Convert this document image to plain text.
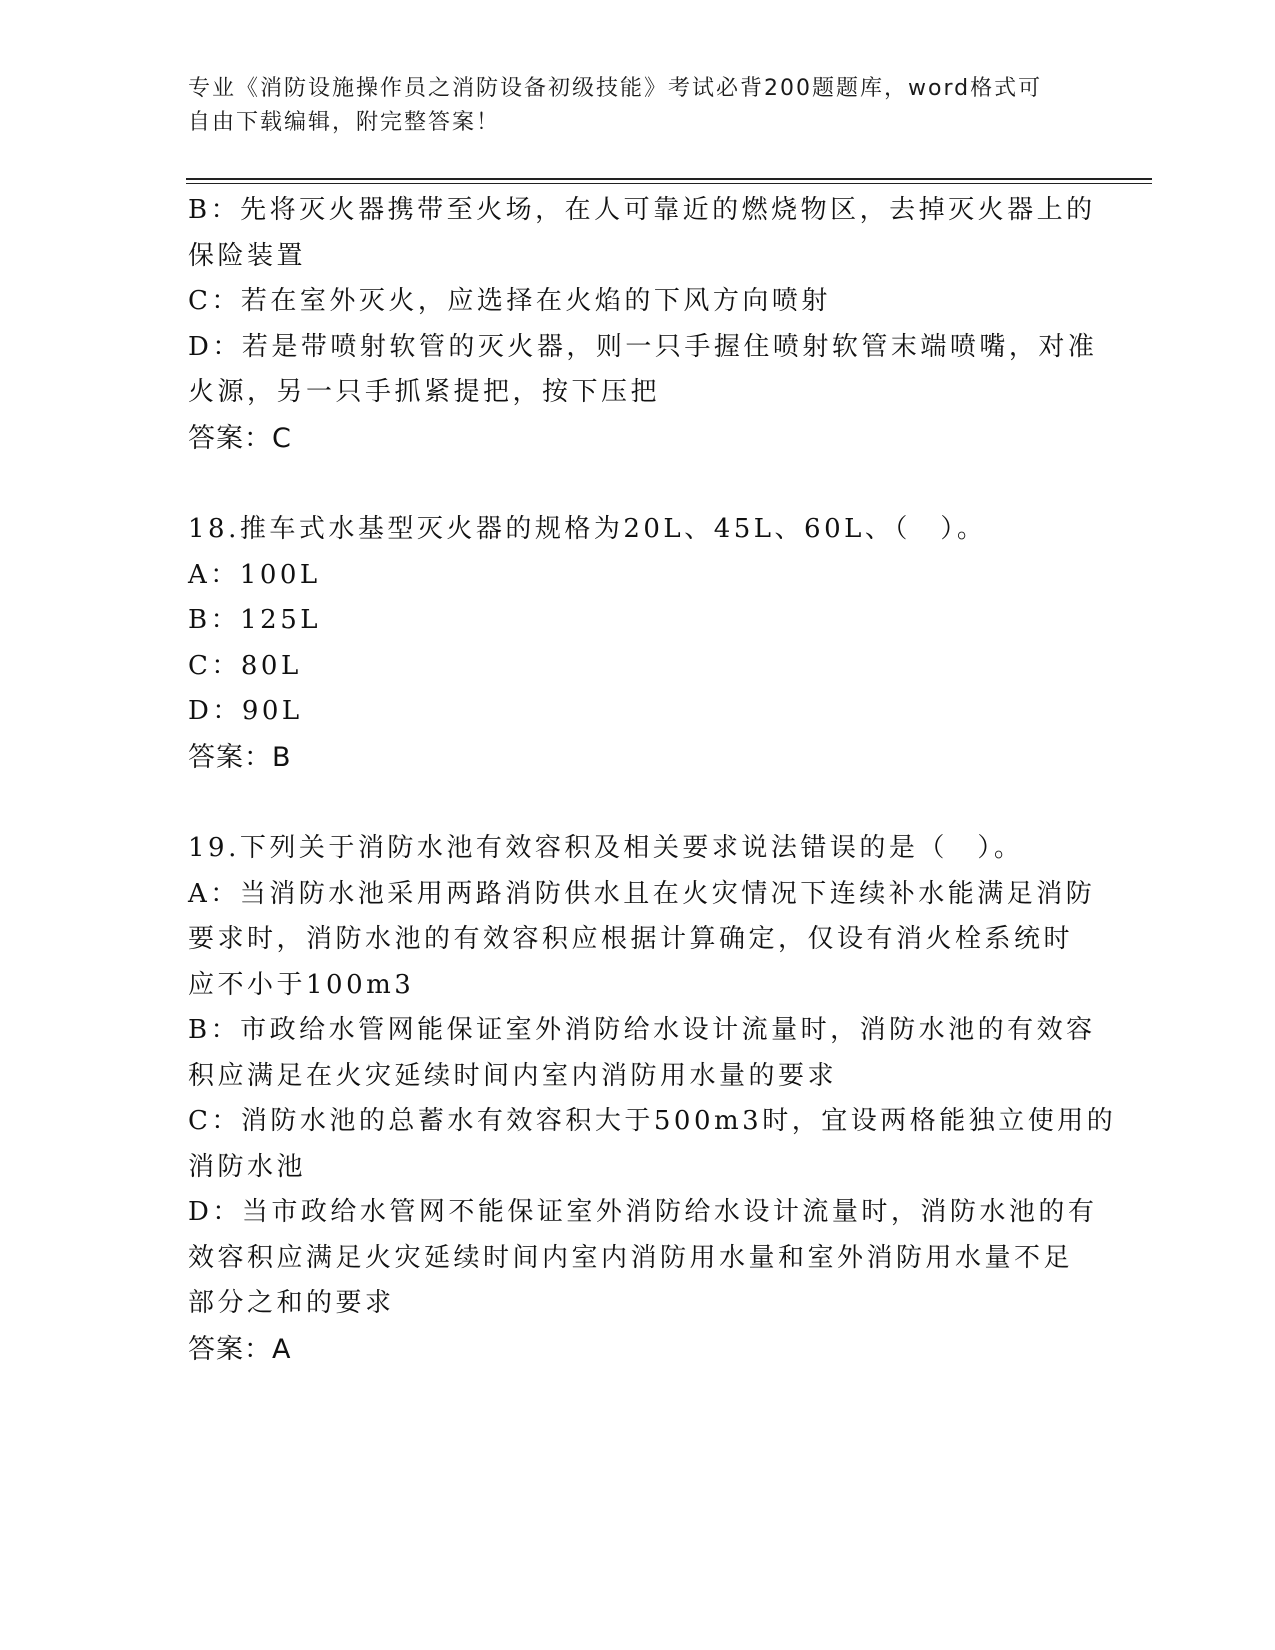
专业《消防设施操作员之消防设备初级技能》考试必背200题题库，word格式可
自由下载编辑，附完整答案！
B：先将灭火器携带至火场，在人可靠近的燃烧物区，去掉灭火器上的
保险装置
C：若在室外灭火，应选择在火焰的下风方向喷射
D：若是带喷射软管的灭火器，则一只手握住喷射软管末端喷嘴，对准
火源，另一只手抓紧提把，按下压把
答案：C
18.推车式水基型灭火器的规格为20L、45L、60L、（　）。
A：100L
B：125L
C：80L
D：90L
答案：B
19.下列关于消防水池有效容积及相关要求说法错误的是（　）。
A：当消防水池采用两路消防供水且在火灾情况下连续补水能满足消防
要求时，消防水池的有效容积应根据计算确定，仅设有消火栓系统时
应不小于100m3
B：市政给水管网能保证室外消防给水设计流量时，消防水池的有效容
积应满足在火灾延续时间内室内消防用水量的要求
C：消防水池的总蓄水有效容积大于500m3时，宜设两格能独立使用的
消防水池
D：当市政给水管网不能保证室外消防给水设计流量时，消防水池的有
效容积应满足火灾延续时间内室内消防用水量和室外消防用水量不足
部分之和的要求
答案：A
